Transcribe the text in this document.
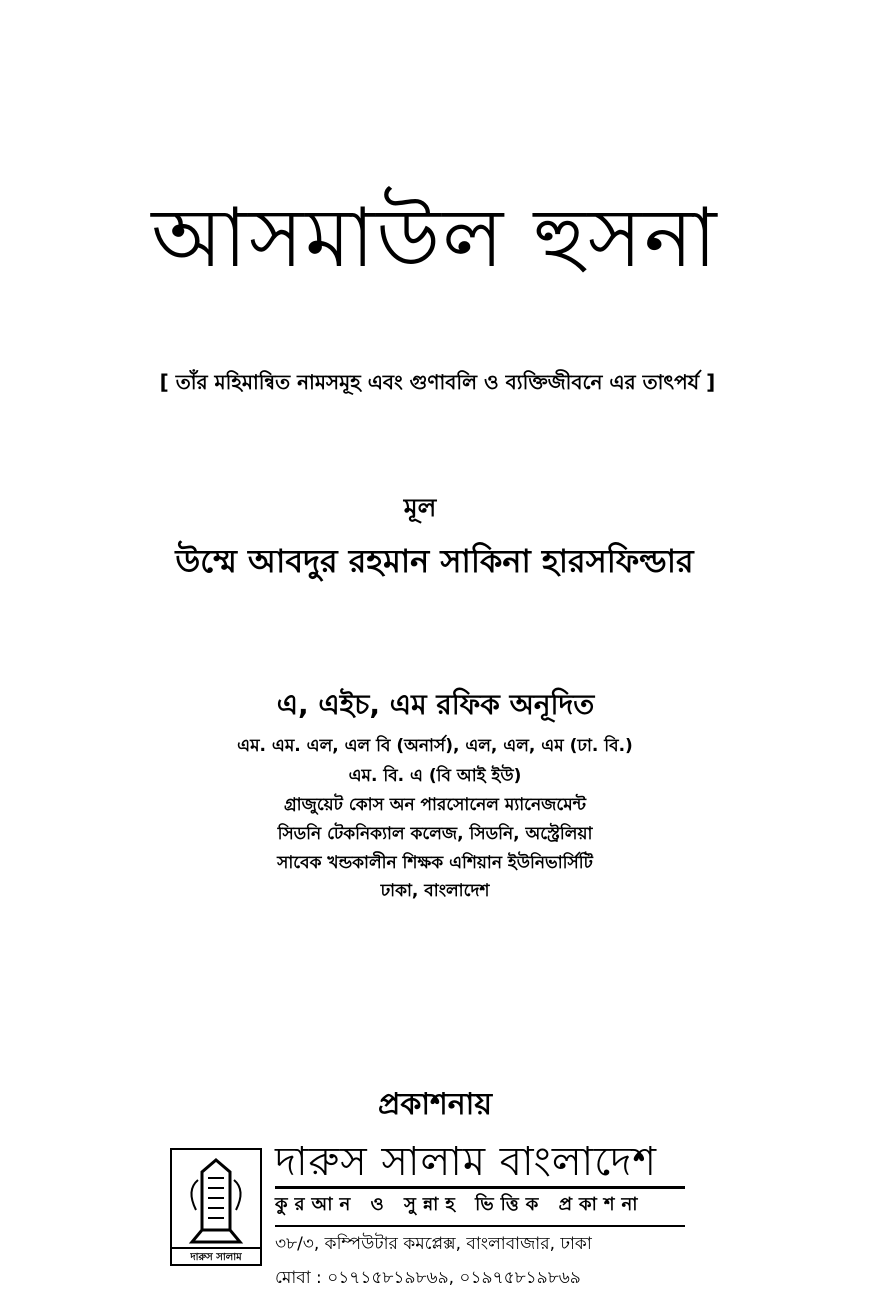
আসমাউল হুসনা
[ তাঁর মহিমান্বিত নামসমূহ এবং গুণাবলি ও ব্যক্তিজীবনে এর তাৎপর্য ]
মূল
উম্মে আবদুর রহমান সাকিনা হারসফিল্ডার
এ, এইচ, এম রফিক অনূদিত
এম. এম. এল, এল বি (অনার্স), এল, এল, এম (ঢা. বি.)
এম. বি. এ (বি আই ইউ)
গ্রাজুয়েট কোস অন পারসোনেল ম্যানেজমেন্ট
সিডনি টেকনিক্যাল কলেজ, সিডনি, অস্ট্রেলিয়া
সাবেক খন্ডকালীন শিক্ষক এশিয়ান ইউনিভার্সিটি
ঢাকা, বাংলাদেশ
প্রকাশনায়
দারুস সালাম
দারুস সালাম বাংলাদেশ
কুরআন ও সুন্নাহ ভিত্তিক প্রকাশনা
৩৮/৩, কম্পিউটার কমপ্লেক্স, বাংলাবাজার, ঢাকা
মোবা : ০১৭১৫৮১৯৮৬৯, ০১৯৭৫৮১৯৮৬৯
